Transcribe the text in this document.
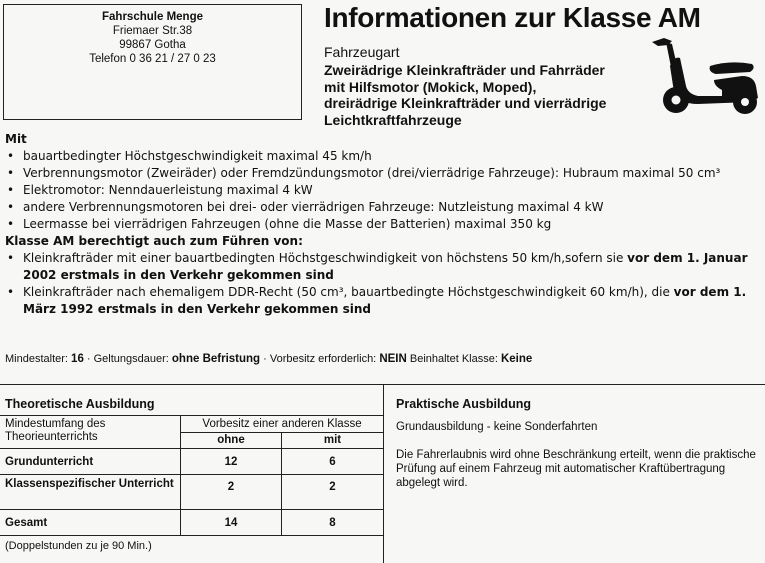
Fahrschule Menge
Friemaer Str.38
99867 Gotha
Telefon 0 36 21 / 27 0 23
Informationen zur Klasse AM
Fahrzeugart
Zweirädrige Kleinkrafträder und Fahrräder
mit Hilfsmotor (Mokick, Moped),
dreirädrige Kleinkrafträder und vierrädrige
Leichtkraftfahrzeuge
Mit
• bauartbedingter Höchstgeschwindigkeit maximal 45 km/h
• Verbrennungsmotor (Zweiräder) oder Fremdzündungsmotor (drei/vierrädrige Fahrzeuge): Hubraum maximal 50 cm³
• Elektromotor: Nenndauerleistung maximal 4 kW
• andere Verbrennungsmotoren bei drei- oder vierrädrigen Fahrzeuge: Nutzleistung maximal 4 kW
• Leermasse bei vierrädrigen Fahrzeugen (ohne die Masse der Batterien) maximal 350 kg
Klasse AM berechtigt auch zum Führen von:
• Kleinkrafträder mit einer bauartbedingten Höchstgeschwindigkeit von höchstens 50 km/h,sofern sie vor dem 1. Januar 2002 erstmals in den Verkehr gekommen sind
• Kleinkrafträder nach ehemaligem DDR-Recht (50 cm³, bauartbedingte Höchstgeschwindigkeit 60 km/h), die vor dem 1. März 1992 erstmals in den Verkehr gekommen sind
Mindestalter: 16 · Geltungsdauer: ohne Befristung · Vorbesitz erforderlich: NEIN Beinhaltet Klasse: Keine
Theoretische Ausbildung	Praktische Ausbildung
Mindestumfang des
Theorieunterrichts
Vorbesitz einer anderen Klasse
ohne	mit
Grundunterricht	12	6
Klassenspezifischer Unterricht	2	2
Gesamt	14	8
(Doppelstunden zu je 90 Min.)
Grundausbildung - keine Sonderfahrten
Die Fahrerlaubnis wird ohne Beschränkung erteilt, wenn die praktische Prüfung auf einem Fahrzeug mit automatischer Kraftübertragung abgelegt wird.
